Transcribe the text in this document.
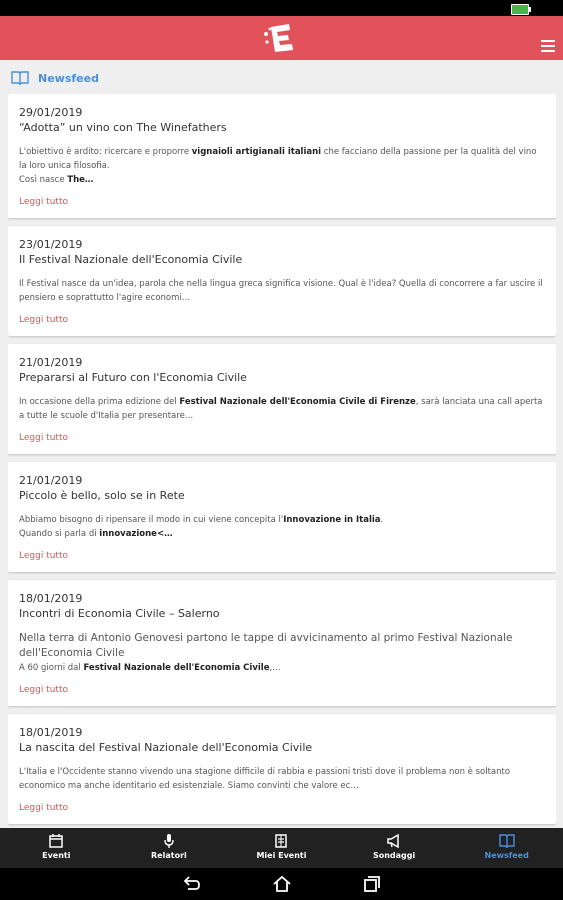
Newsfeed
29/01/2019
“Adotta” un vino con The Winefathers
L'obiettivo è ardito: ricercare e proporre vignaioli artigianali italiani che facciano della passione per la qualità del vino la loro unica filosofia.
Così nasce The…
Leggi tutto
23/01/2019
Il Festival Nazionale dell'Economia Civile
Il Festival nasce da un'idea, parola che nella lingua greca significa visione. Qual è l'idea? Quella di concorrere a far uscire il pensiero e soprattutto l'agire economi…
Leggi tutto
21/01/2019
Prepararsi al Futuro con l'Economia Civile
In occasione della prima edizione del Festival Nazionale dell'Economia Civile di Firenze, sarà lanciata una call aperta a tutte le scuole d'Italia per presentare…
Leggi tutto
21/01/2019
Piccolo è bello, solo se in Rete
Abbiamo bisogno di ripensare il modo in cui viene concepita l'Innovazione in Italia.
Quando si parla di innovazione<…
Leggi tutto
18/01/2019
Incontri di Economia Civile – Salerno
Nella terra di Antonio Genovesi partono le tappe di avvicinamento al primo Festival Nazionale dell'Economia Civile
A 60 giorni dal Festival Nazionale dell'Economia Civile,…
Leggi tutto
18/01/2019
La nascita del Festival Nazionale dell'Economia Civile
L'Italia e l'Occidente stanno vivendo una stagione difficile di rabbia e passioni tristi dove il problema non è soltanto economico ma anche identitario ed esistenziale. Siamo convinti che valore ec…
Leggi tutto
Eventi	Relatori	Miei Eventi	Sondaggi	Newsfeed
